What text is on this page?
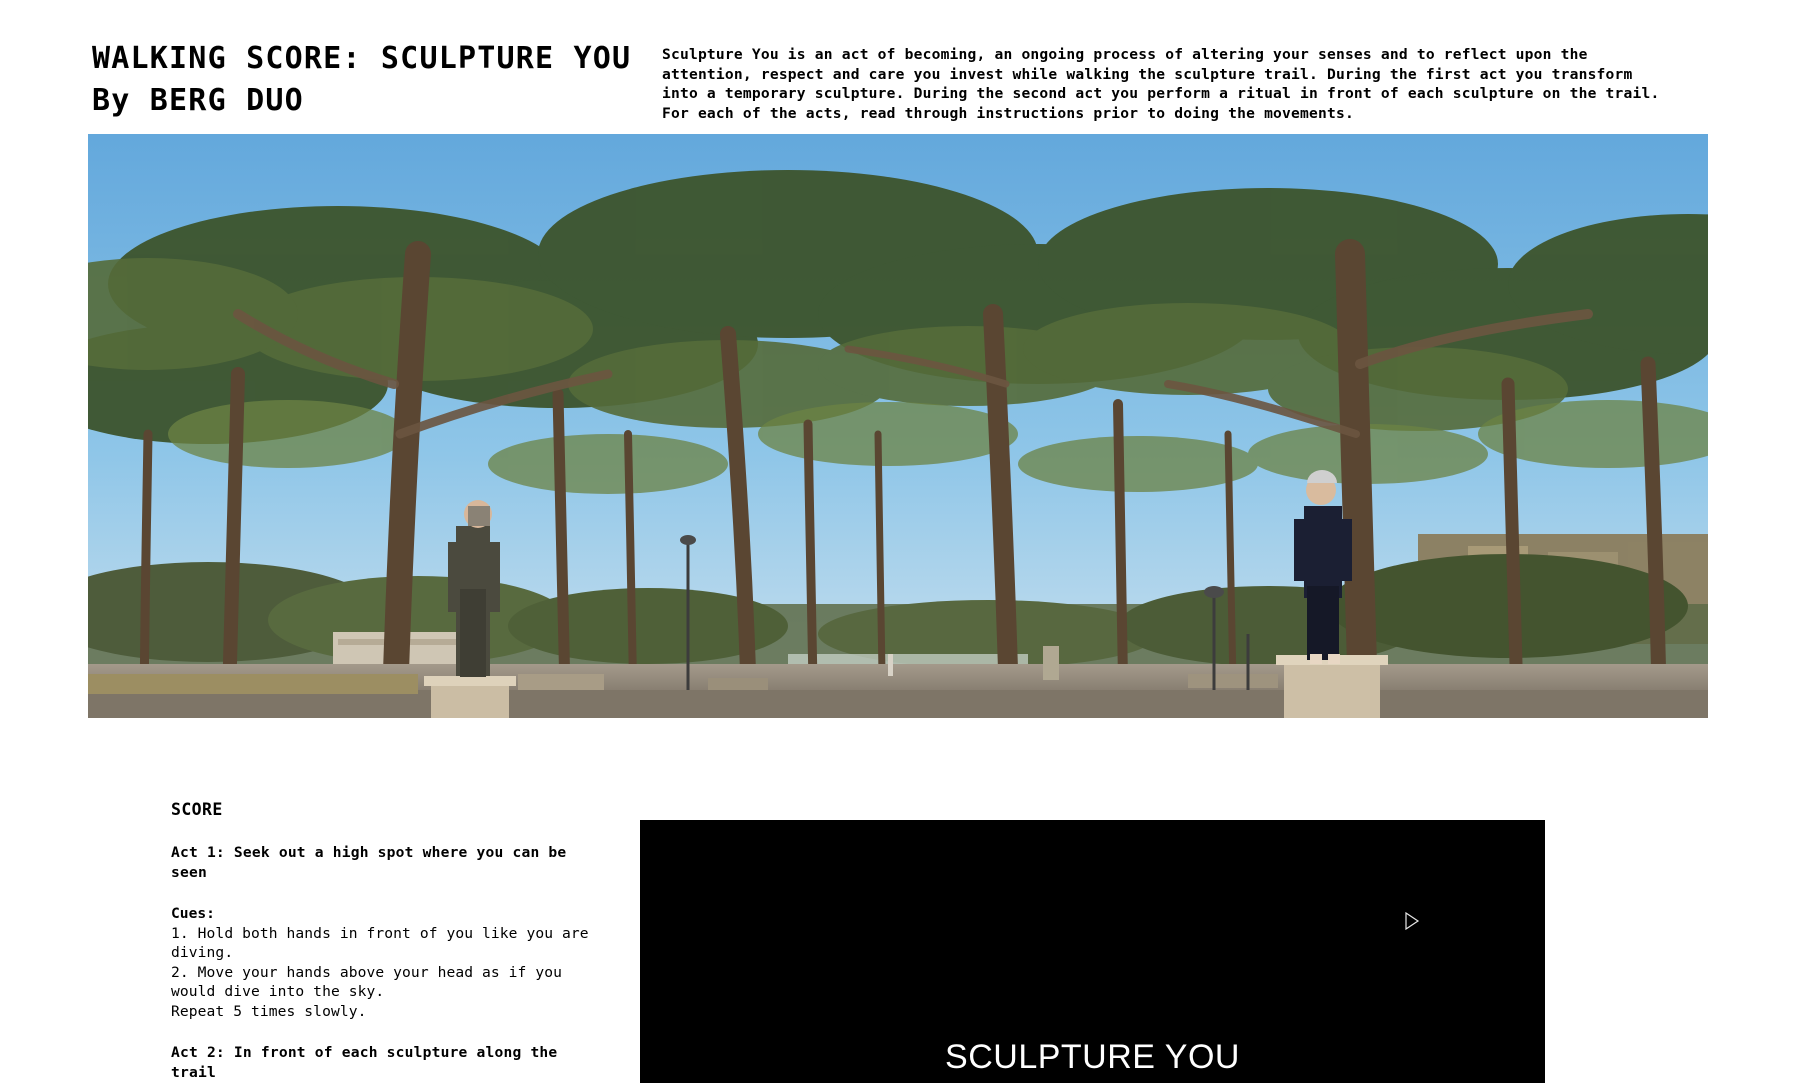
WALKING SCORE: SCULPTURE YOU
By BERG DUO
Sculpture You is an act of becoming, an ongoing process of altering your senses and to reflect upon the attention, respect and care you invest while walking the sculpture trail. During the first act you transform into a temporary sculpture. During the second act you perform a ritual in front of each sculpture on the trail. For each of the acts, read through instructions prior to doing the movements.
SCORE

Act 1: Seek out a high spot where you can be seen

Cues:

1. Hold both hands in front of you like you are diving.

2. Move your hands above your head as if you would dive into the sky.

Repeat 5 times slowly.

Act 2: In front of each sculpture along the trail	SCULPTURE YOU
